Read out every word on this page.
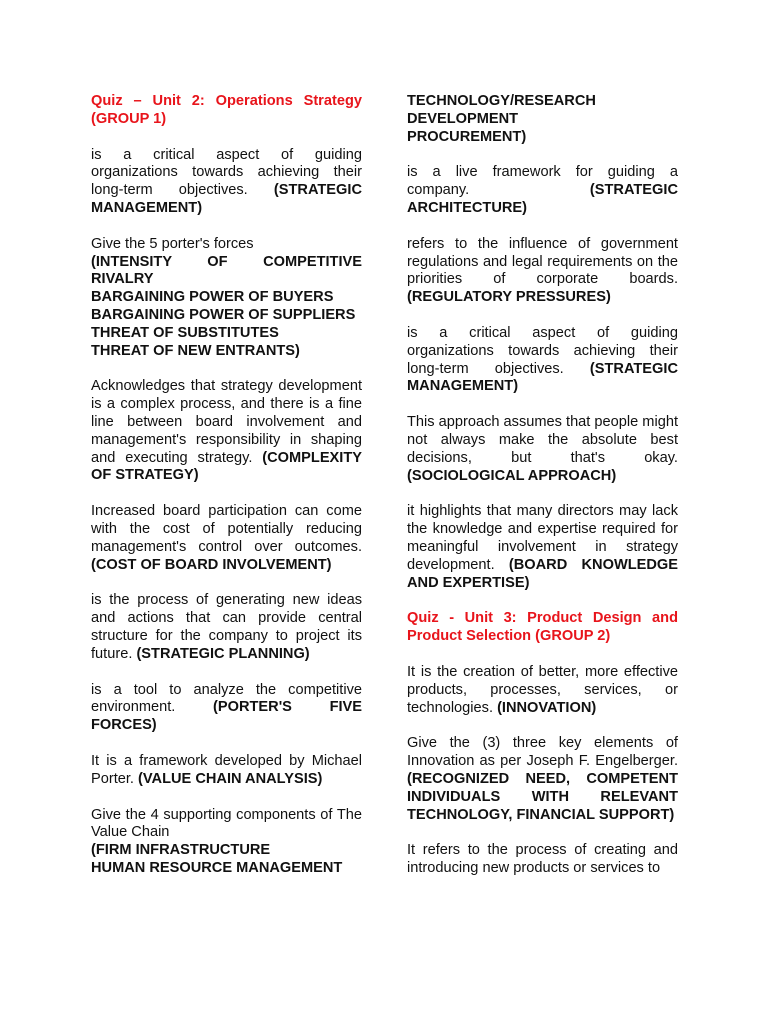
Quiz – Unit 2: Operations Strategy (GROUP 1)
is a critical aspect of guiding organizations towards achieving their long-term objectives. (STRATEGIC MANAGEMENT)
Give the 5 porter's forces
(INTENSITY OF COMPETITIVE
RIVALRY
BARGAINING POWER OF BUYERS
BARGAINING POWER OF SUPPLIERS
THREAT OF SUBSTITUTES
THREAT OF NEW ENTRANTS)
Acknowledges that strategy development is a complex process, and there is a fine line between board involvement and management's responsibility in shaping and executing strategy. (COMPLEXITY OF STRATEGY)
Increased board participation can come with the cost of potentially reducing management's control over outcomes. (COST OF BOARD INVOLVEMENT)
is the process of generating new ideas and actions that can provide central structure for the company to project its future. (STRATEGIC PLANNING)
is a tool to analyze the competitive environment. (PORTER'S FIVE FORCES)
It is a framework developed by Michael Porter. (VALUE CHAIN ANALYSIS)
Give the 4 supporting components of The Value Chain
(FIRM INFRASTRUCTURE
HUMAN RESOURCE MANAGEMENT
TECHNOLOGY/RESEARCH
DEVELOPMENT
PROCUREMENT)
is a live framework for guiding a company. (STRATEGIC ARCHITECTURE)
refers to the influence of government regulations and legal requirements on the priorities of corporate boards. (REGULATORY PRESSURES)
is a critical aspect of guiding organizations towards achieving their long-term objectives. (STRATEGIC MANAGEMENT)
This approach assumes that people might not always make the absolute best decisions, but that's okay. (SOCIOLOGICAL APPROACH)
it highlights that many directors may lack the knowledge and expertise required for meaningful involvement in strategy development. (BOARD KNOWLEDGE AND EXPERTISE)
Quiz - Unit 3: Product Design and Product Selection (GROUP 2)
It is the creation of better, more effective products, processes, services, or technologies. (INNOVATION)
Give the (3) three key elements of Innovation as per Joseph F. Engelberger. (RECOGNIZED NEED, COMPETENT INDIVIDUALS WITH RELEVANT TECHNOLOGY, FINANCIAL SUPPORT)
It refers to the process of creating and introducing new products or services to
